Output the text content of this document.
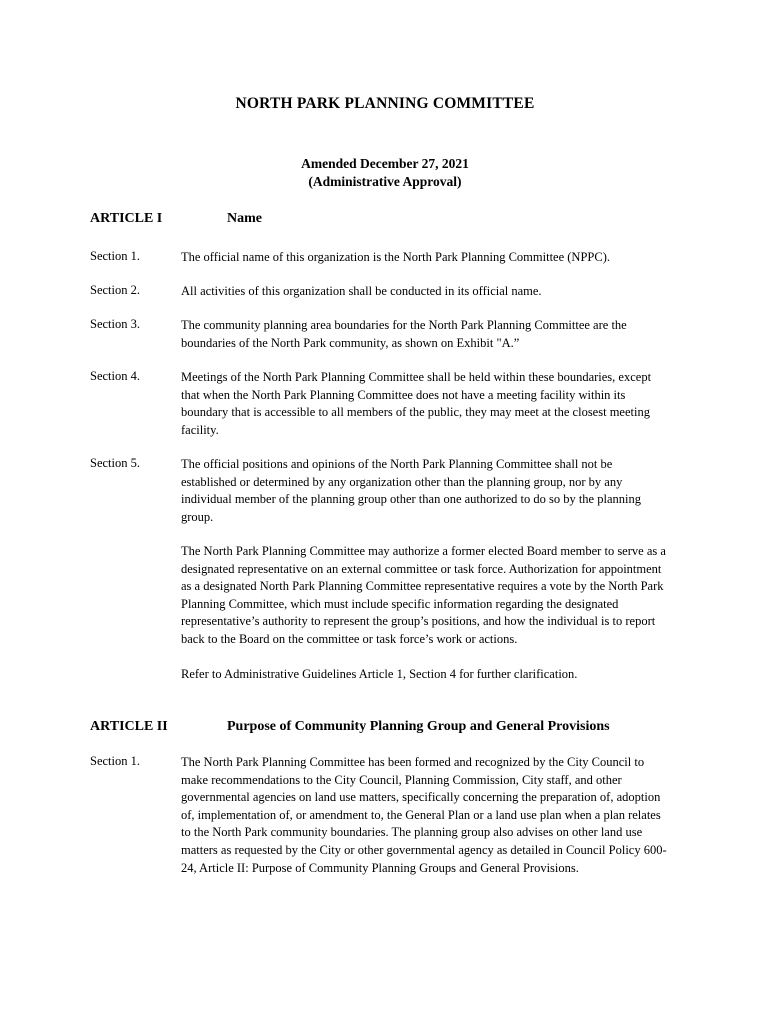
NORTH PARK PLANNING COMMITTEE
Amended December 27, 2021
(Administrative Approval)
ARTICLE I	Name
Section 1.	The official name of this organization is the North Park Planning Committee (NPPC).
Section 2.	All activities of this organization shall be conducted in its official name.
Section 3.	The community planning area boundaries for the North Park Planning Committee are the boundaries of the North Park community, as shown on Exhibit "A.”
Section 4.	Meetings of the North Park Planning Committee shall be held within these boundaries, except that when the North Park Planning Committee does not have a meeting facility within its boundary that is accessible to all members of the public, they may meet at the closest meeting facility.
Section 5.	The official positions and opinions of the North Park Planning Committee shall not be established or determined by any organization other than the planning group, nor by any individual member of the planning group other than one authorized to do so by the planning group.
The North Park Planning Committee may authorize a former elected Board member to serve as a designated representative on an external committee or task force. Authorization for appointment as a designated North Park Planning Committee representative requires a vote by the North Park Planning Committee, which must include specific information regarding the designated representative’s authority to represent the group’s positions, and how the individual is to report back to the Board on the committee or task force’s work or actions.
Refer to Administrative Guidelines Article 1, Section 4 for further clarification.
ARTICLE II	Purpose of Community Planning Group and General Provisions
Section 1.	The North Park Planning Committee has been formed and recognized by the City Council to make recommendations to the City Council, Planning Commission, City staff, and other governmental agencies on land use matters, specifically concerning the preparation of, adoption of, implementation of, or amendment to, the General Plan or a land use plan when a plan relates to the North Park community boundaries. The planning group also advises on other land use matters as requested by the City or other governmental agency as detailed in Council Policy 600-24, Article II: Purpose of Community Planning Groups and General Provisions.
